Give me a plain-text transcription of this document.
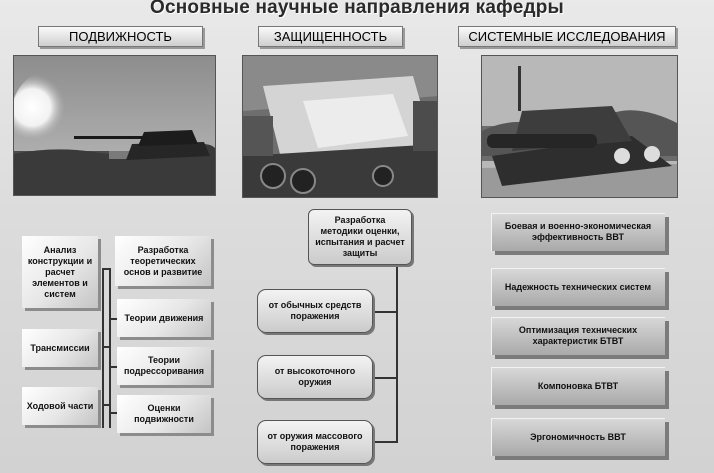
Основные научные направления кафедры
ПОДВИЖНОСТЬ	ЗАЩИЩЕННОСТЬ	СИСТЕМНЫЕ ИССЛЕДОВАНИЯ
Анализ конструкции и расчет элементов и систем
Трансмиссии
Ходовой части
Разработка теоретических основ и развитие
Теории движения
Теории подрессоривания
Оценки подвижности
Разработка методики оценки, испытания и расчет защиты
от обычных средств поражения
от высокоточного оружия
от оружия массового поражения
Боевая и военно-экономическая эффективность ВВТ
Надежность технических систем
Оптимизация технических характеристик БТВТ
Компоновка БТВТ
Эргономичность ВВТ
